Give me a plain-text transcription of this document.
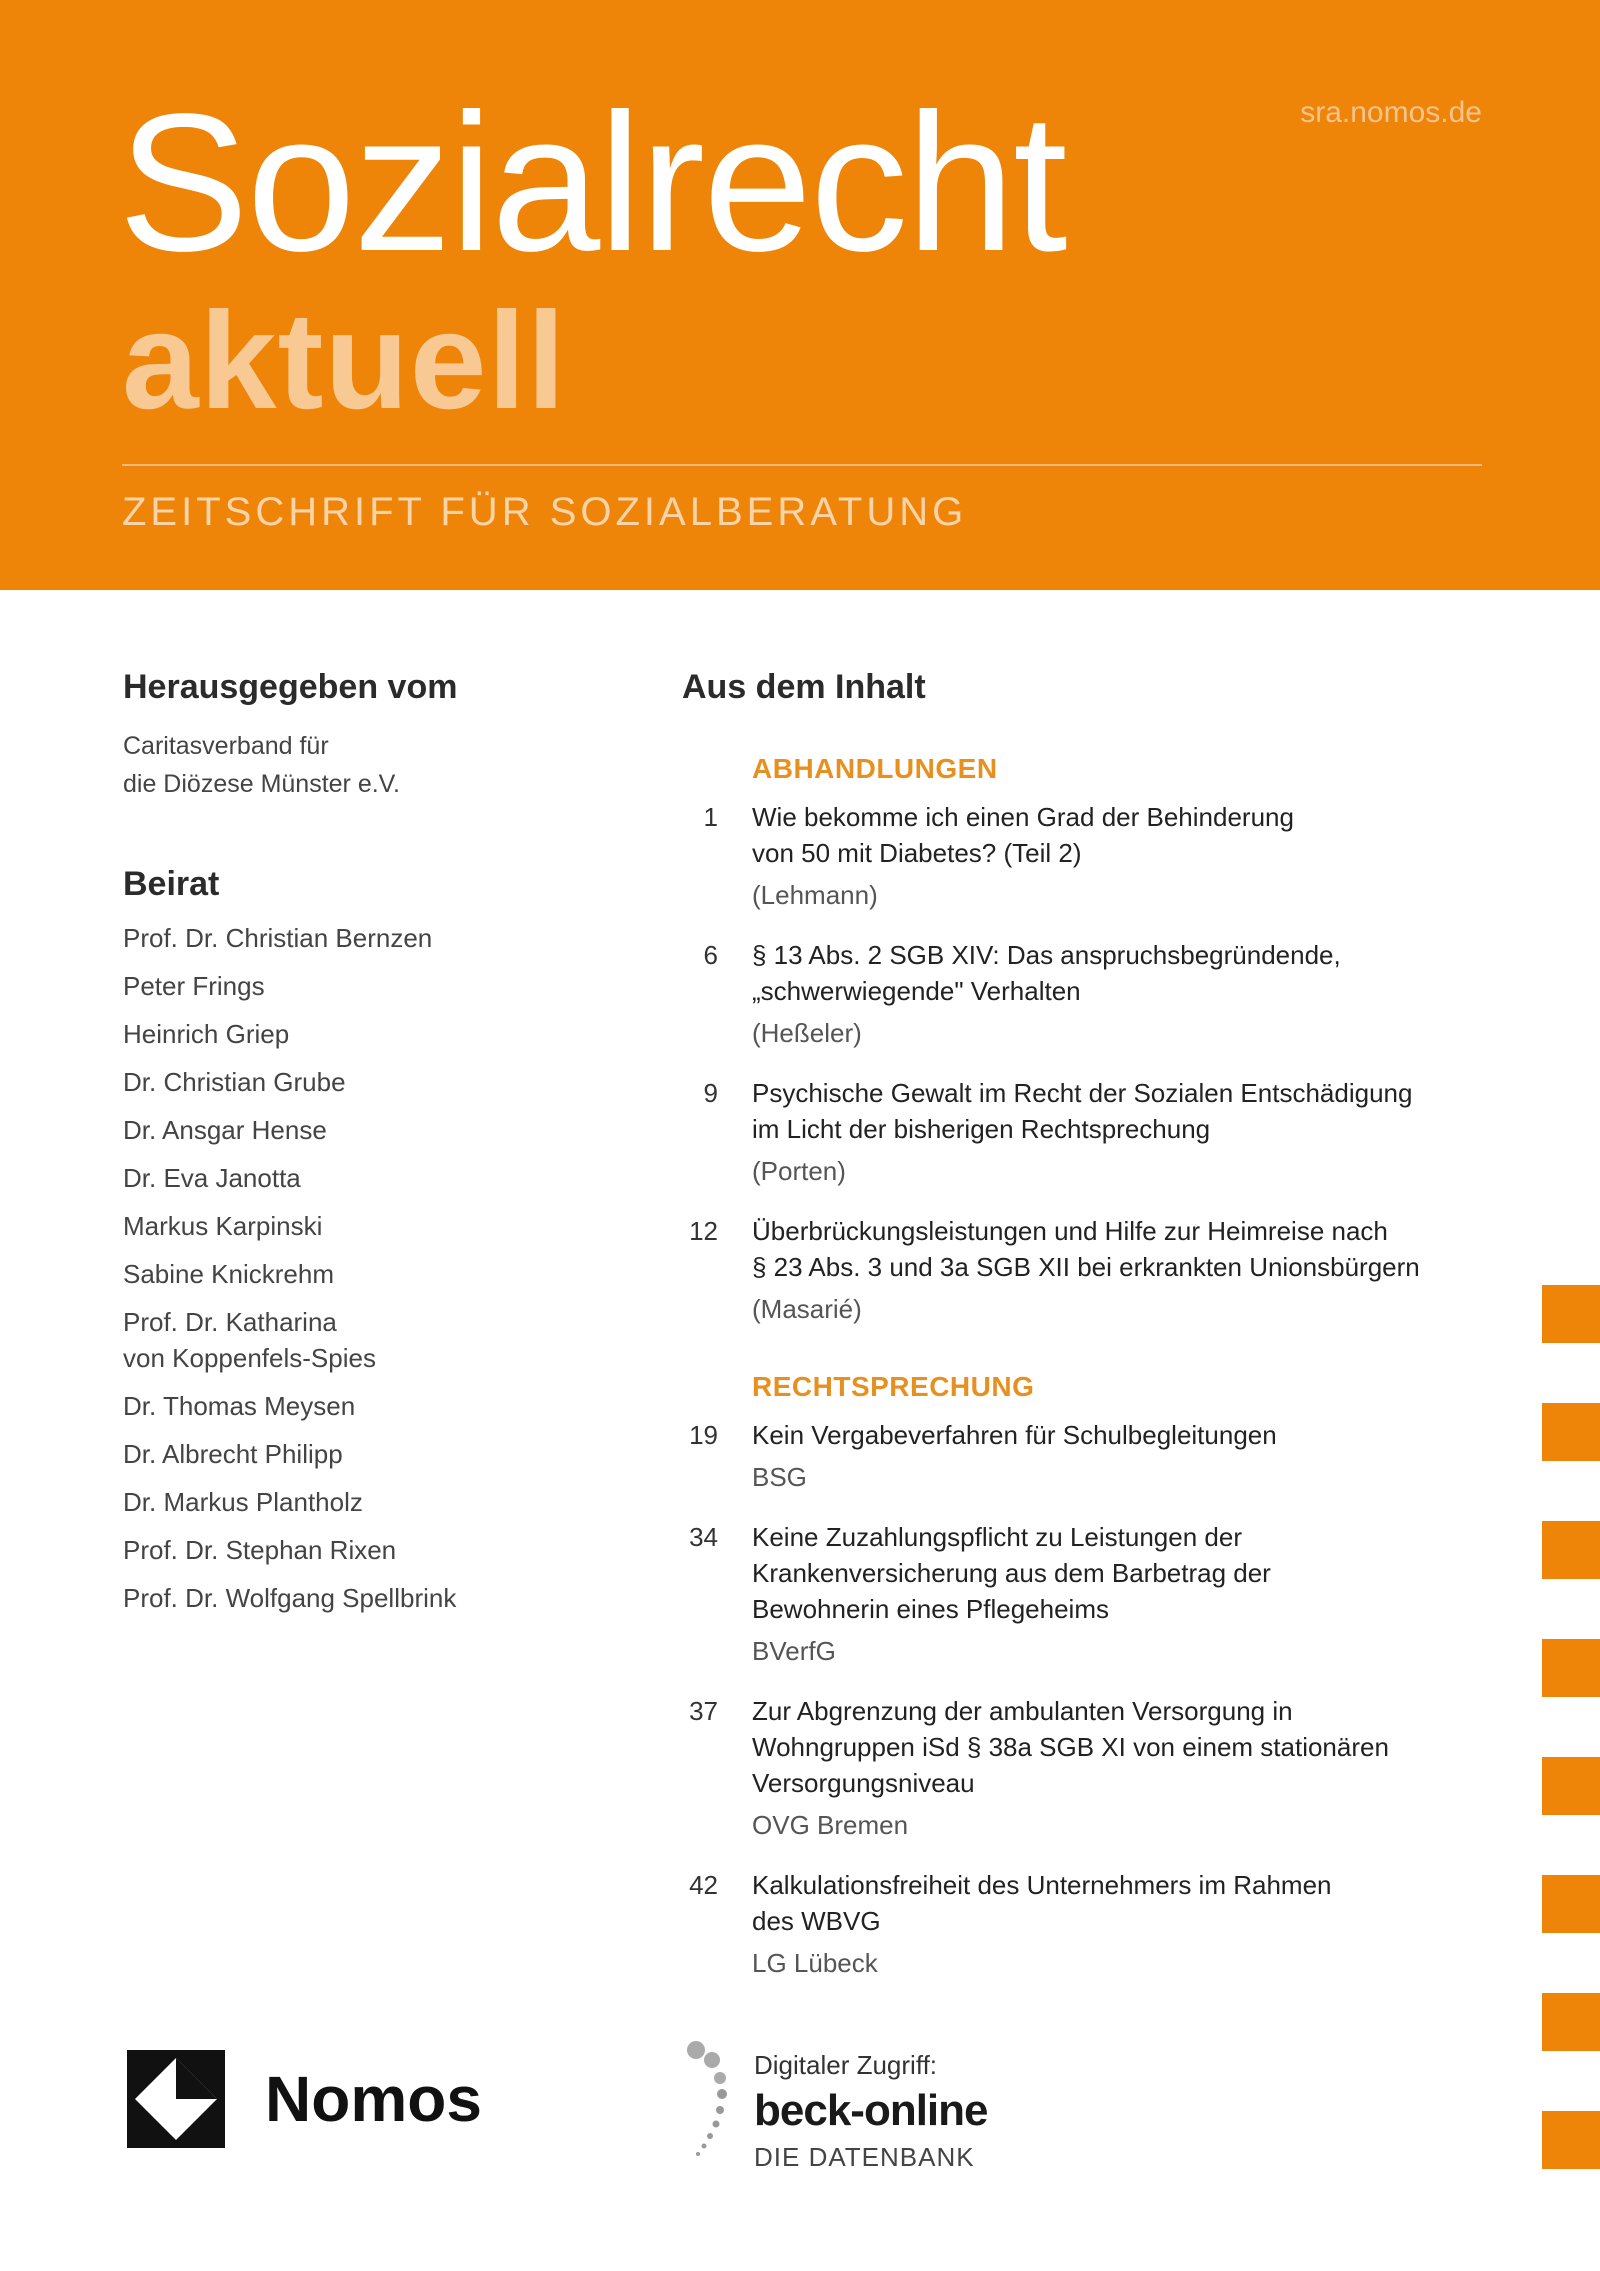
sra.nomos.de
Sozialrecht
aktuell
ZEITSCHRIFT FÜR SOZIALBERATUNG
Herausgegeben vom
Caritasverband für
die Diözese Münster e.V.
Beirat
Prof. Dr. Christian Bernzen
Peter Frings
Heinrich Griep
Dr. Christian Grube
Dr. Ansgar Hense
Dr. Eva Janotta
Markus Karpinski
Sabine Knickrehm
Prof. Dr. Katharina
von Koppenfels-Spies
Dr. Thomas Meysen
Dr. Albrecht Philipp
Dr. Markus Plantholz
Prof. Dr. Stephan Rixen
Prof. Dr. Wolfgang Spellbrink
Aus dem Inhalt
ABHANDLUNGEN
1 Wie bekomme ich einen Grad der Behinderung
von 50 mit Diabetes? (Teil 2)
(Lehmann)
6 § 13 Abs. 2 SGB XIV: Das anspruchsbegründende,
„schwerwiegende" Verhalten
(Heßeler)
9 Psychische Gewalt im Recht der Sozialen Entschädigung
im Licht der bisherigen Rechtsprechung
(Porten)
12 Überbrückungsleistungen und Hilfe zur Heimreise nach
§ 23 Abs. 3 und 3a SGB XII bei erkrankten Unionsbürgern
(Masarié)
RECHTSPRECHUNG
19 Kein Vergabeverfahren für Schulbegleitungen
BSG
34 Keine Zuzahlungspflicht zu Leistungen der
Krankenversicherung aus dem Barbetrag der
Bewohnerin eines Pflegeheims
BVerfG
37 Zur Abgrenzung der ambulanten Versorgung in
Wohngruppen iSd § 38a SGB XI von einem stationären
Versorgungsniveau
OVG Bremen
42 Kalkulationsfreiheit des Unternehmers im Rahmen
des WBVG
LG Lübeck
Nomos	Digitaler Zugriff:
beck-online
DIE DATENBANK
